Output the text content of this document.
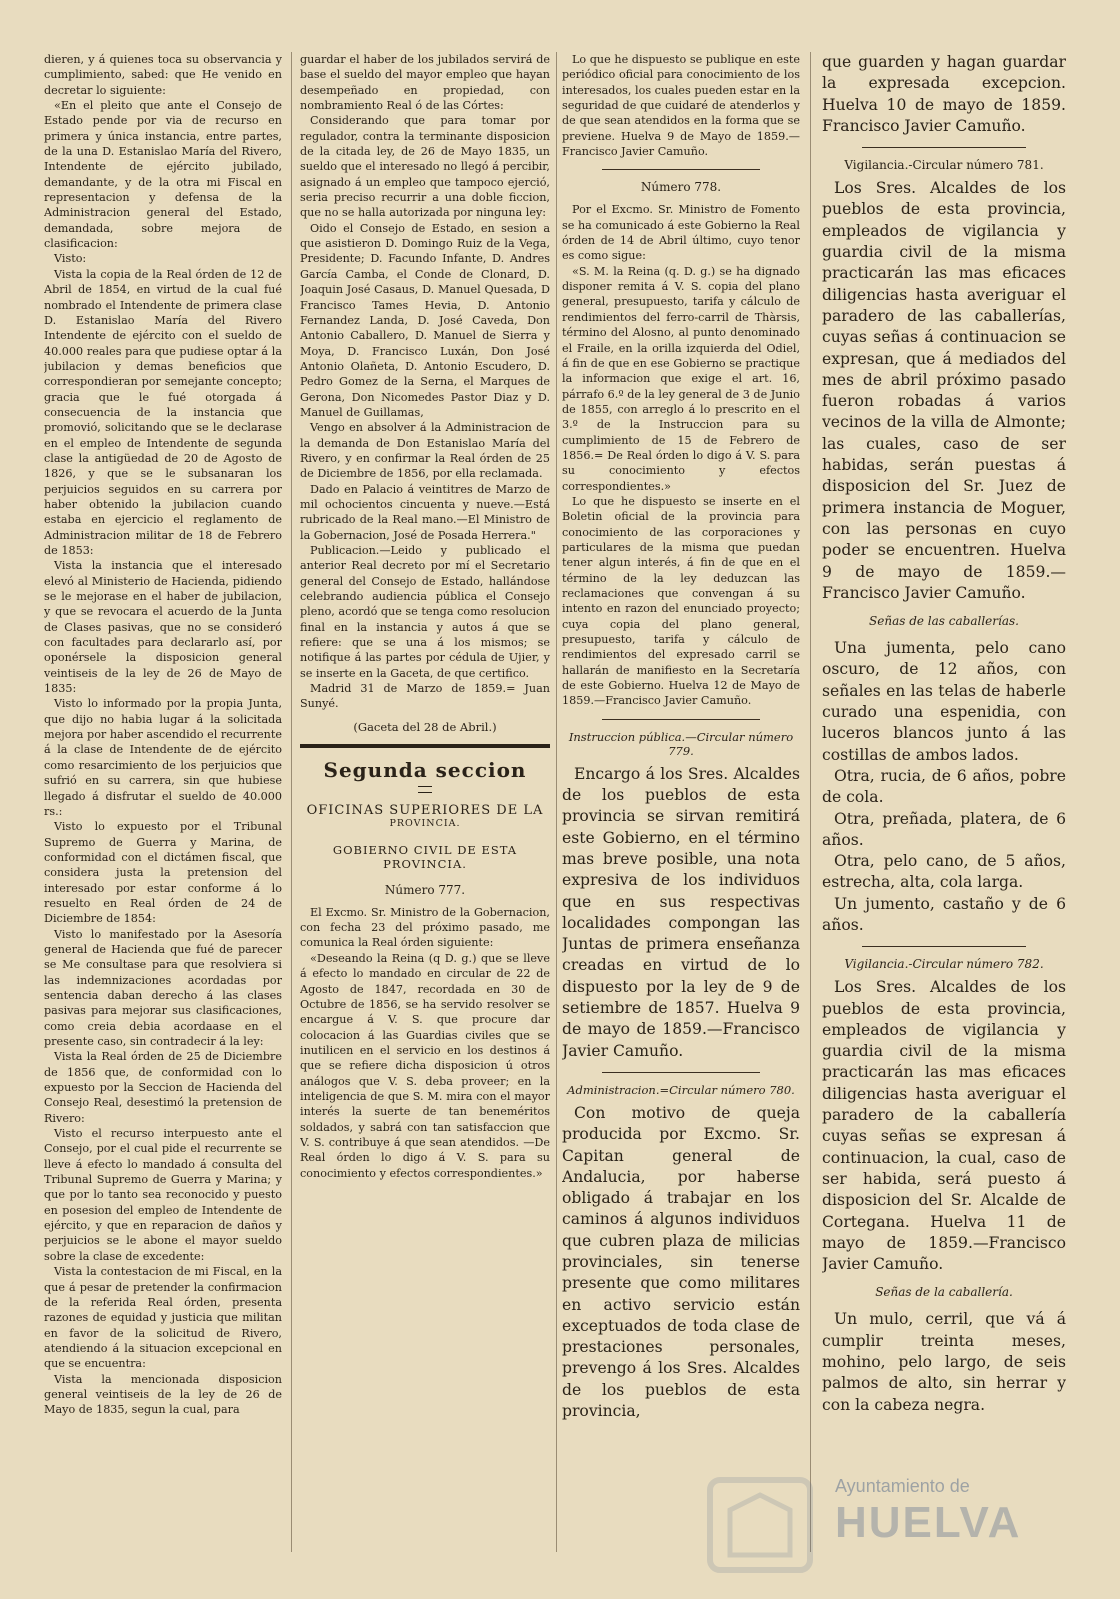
dieren, y á quienes toca su observancia y cumplimiento, sabed: que He venido en decretar lo siguiente:

«En el pleito que ante el Consejo de Estado pende por via de recurso en primera y única instancia, entre partes, de la una D. Estanislao María del Rivero, Intendente de ejército jubilado, demandante, y de la otra mi Fiscal en representacion y defensa de la Administracion general del Estado, demandada, sobre mejora de clasificacion:

Visto:

Vista la copia de la Real órden de 12 de Abril de 1854, en virtud de la cual fué nombrado el Intendente de primera clase D. Estanislao María del Rivero Intendente de ejército con el sueldo de 40.000 reales para que pudiese optar á la jubilacion y demas beneficios que correspondieran por semejante concepto; gracia que le fué otorgada á consecuencia de la instancia que promovió, solicitando que se le declarase en el empleo de Intendente de segunda clase la antigüedad de 20 de Agosto de 1826, y que se le subsanaran los perjuicios seguidos en su carrera por haber obtenido la jubilacion cuando estaba en ejercicio el reglamento de Administracion militar de 18 de Febrero de 1853:

Vista la instancia que el interesado elevó al Ministerio de Hacienda, pidiendo se le mejorase en el haber de jubilacion, y que se revocara el acuerdo de la Junta de Clases pasivas, que no se consideró con facultades para declararlo así, por oponérsele la disposicion general veintiseis de la ley de 26 de Mayo de 1835:

Visto lo informado por la propia Junta, que dijo no habia lugar á la solicitada mejora por haber ascendido el recurrente á la clase de Intendente de de ejército como resarcimiento de los perjuicios que sufrió en su carrera, sin que hubiese llegado á disfrutar el sueldo de 40.000 rs.:

Visto lo expuesto por el Tribunal Supremo de Guerra y Marina, de conformidad con el dictámen fiscal, que considera justa la pretension del interesado por estar conforme á lo resuelto en Real órden de 24 de Diciembre de 1854:

Visto lo manifestado por la Asesoría general de Hacienda que fué de parecer se Me consultase para que resolviera si las indemnizaciones acordadas por sentencia daban derecho á las clases pasivas para mejorar sus clasificaciones, como creia debia acordaase en el presente caso, sin contradecir á la ley:

Vista la Real órden de 25 de Diciembre de 1856 que, de conformidad con lo expuesto por la Seccion de Hacienda del Consejo Real, desestimó la pretension de Rivero:

Visto el recurso interpuesto ante el Consejo, por el cual pide el recurrente se lleve á efecto lo mandado á consulta del Tribunal Supremo de Guerra y Marina; y que por lo tanto sea reconocido y puesto en posesion del empleo de Intendente de ejército, y que en reparacion de daños y perjuicios se le abone el mayor sueldo sobre la clase de excedente:

Vista la contestacion de mi Fiscal, en la que á pesar de pretender la confirmacion de la referida Real órden, presenta razones de equidad y justicia que militan en favor de la solicitud de Rivero, atendiendo á la situacion excepcional en que se encuentra:

Vista la mencionada disposicion general veintiseis de la ley de 26 de Mayo de 1835, segun la cual, para

guardar el haber de los jubilados servirá de base el sueldo del mayor empleo que hayan desempeñado en propiedad, con nombramiento Real ó de las Córtes:

Considerando que para tomar por regulador, contra la terminante disposicion de la citada ley, de 26 de Mayo 1835, un sueldo que el interesado no llegó á percibir, asignado á un empleo que tampoco ejerció, seria preciso recurrir a una doble ficcion, que no se halla autorizada por ninguna ley:

Oido el Consejo de Estado, en sesion a que asistieron D. Domingo Ruiz de la Vega, Presidente; D. Facundo Infante, D. Andres García Camba, el Conde de Clonard, D. Joaquin José Casaus, D. Manuel Quesada, D Francisco Tames Hevia, D. Antonio Fernandez Landa, D. José Caveda, Don Antonio Caballero, D. Manuel de Sierra y Moya, D. Francisco Luxán, Don José Antonio Olañeta, D. Antonio Escudero, D. Pedro Gomez de la Serna, el Marques de Gerona, Don Nicomedes Pastor Diaz y D. Manuel de Guillamas,

Vengo en absolver á la Administracion de la demanda de Don Estanislao María del Rivero, y en confirmar la Real órden de 25 de Diciembre de 1856, por ella reclamada.

Dado en Palacio á veintitres de Marzo de mil ochocientos cincuenta y nueve.—Está rubricado de la Real mano.—El Ministro de la Gobernacion, José de Posada Herrera."

Publicacion.—Leido y publicado el anterior Real decreto por mí el Secretario general del Consejo de Estado, hallándose celebrando audiencia pública el Consejo pleno, acordó que se tenga como resolucion final en la instancia y autos á que se refiere: que se una á los mismos; se notifique á las partes por cédula de Ujier, y se inserte en la Gaceta, de que certifico.

Madrid 31 de Marzo de 1859.= Juan Sunyé.

(Gaceta del 28 de Abril.)
Segunda seccion
OFICINAS SUPERIORES DE LA
PROVINCIA.
GOBIERNO CIVIL DE ESTA PROVINCIA.
Número 777.

El Excmo. Sr. Ministro de la Gobernacion, con fecha 23 del próximo pasado, me comunica la Real órden siguiente:

«Deseando la Reina (q D. g.) que se lleve á efecto lo mandado en circular de 22 de Agosto de 1847, recordada en 30 de Octubre de 1856, se ha servido resolver se encargue á V. S. que procure dar colocacion á las Guardias civiles que se inutilicen en el servicio en los destinos á que se refiere dicha disposicion ú otros análogos que V. S. deba proveer; en la inteligencia de que S. M. mira con el mayor interés la suerte de tan beneméritos soldados, y sabrá con tan satisfaccion que V. S. contribuye á que sean atendidos. —De Real órden lo digo á V. S. para su conocimiento y efectos correspondientes.»

Lo que he dispuesto se publique en este periódico oficial para conocimiento de los interesados, los cuales pueden estar en la seguridad de que cuidaré de atenderlos y de que sean atendidos en la forma que se previene. Huelva 9 de Mayo de 1859.—Francisco Javier Camuño.

Número 778.

Por el Excmo. Sr. Ministro de Fomento se ha comunicado á este Gobierno la Real órden de 14 de Abril último, cuyo tenor es como sigue:

«S. M. la Reina (q. D. g.) se ha dignado disponer remita á V. S. copia del plano general, presupuesto, tarifa y cálculo de rendimientos del ferro-carril de Thàrsis, término del Alosno, al punto denominado el Fraile, en la orilla izquierda del Odiel, á fin de que en ese Gobierno se practique la informacion que exige el art. 16, párrafo 6.º de la ley general de 3 de Junio de 1855, con arreglo á lo prescrito en el 3.º de la Instruccion para su cumplimiento de 15 de Febrero de 1856.= De Real órden lo digo á V. S. para su conocimiento y efectos correspondientes.»

Lo que he dispuesto se inserte en el Boletin oficial de la provincia para conocimiento de las corporaciones y particulares de la misma que puedan tener algun interés, á fin de que en el término de la ley deduzcan las reclamaciones que convengan á su intento en razon del enunciado proyecto; cuya copia del plano general, presupuesto, tarifa y cálculo de rendimientos del expresado carril se hallarán de manifiesto en la Secretaría de este Gobierno. Huelva 12 de Mayo de 1859.—Francisco Javier Camuño.

Instruccion pública.—Circular número 779.

Encargo á los Sres. Alcaldes de los pueblos de esta provincia se sirvan remitirá este Gobierno, en el término mas breve posible, una nota expresiva de los individuos que en sus respectivas localidades compongan las Juntas de primera enseñanza creadas en virtud de lo dispuesto por la ley de 9 de setiembre de 1857. Huelva 9 de mayo de 1859.—Francisco Javier Camuño.

Administracion.=Circular número 780.

Con motivo de queja producida por Excmo. Sr. Capitan general de Andalucia, por haberse obligado á trabajar en los caminos á algunos individuos que cubren plaza de milicias provinciales, sin tenerse presente que como militares en activo servicio están exceptuados de toda clase de prestaciones personales, prevengo á los Sres. Alcaldes de los pueblos de esta provincia,

que guarden y hagan guardar la expresada excepcion. Huelva 10 de mayo de 1859. Francisco Javier Camuño.

Vigilancia.-Circular número 781.

Los Sres. Alcaldes de los pueblos de esta provincia, empleados de vigilancia y guardia civil de la misma practicarán las mas eficaces diligencias hasta averiguar el paradero de las caballerías, cuyas señas á continuacion se expresan, que á mediados del mes de abril próximo pasado fueron robadas á varios vecinos de la villa de Almonte; las cuales, caso de ser habidas, serán puestas á disposicion del Sr. Juez de primera instancia de Moguer, con las personas en cuyo poder se encuentren. Huelva 9 de mayo de 1859.—Francisco Javier Camuño.

Señas de las caballerías.

Una jumenta, pelo cano oscuro, de 12 años, con señales en las telas de haberle curado una espenidia, con luceros blancos junto á las costillas de ambos lados.

Otra, rucia, de 6 años, pobre de cola.

Otra, preñada, platera, de 6 años.

Otra, pelo cano, de 5 años, estrecha, alta, cola larga.

Un jumento, castaño y de 6 años.

Vigilancia.-Circular número 782.

Los Sres. Alcaldes de los pueblos de esta provincia, empleados de vigilancia y guardia civil de la misma practicarán las mas eficaces diligencias hasta averiguar el paradero de la caballería cuyas señas se expresan á continuacion, la cual, caso de ser habida, será puesto á disposicion del Sr. Alcalde de Cortegana. Huelva 11 de mayo de 1859.—Francisco Javier Camuño.

Señas de la caballería.

Un mulo, cerril, que vá á cumplir treinta meses, mohino, pelo largo, de seis palmos de alto, sin herrar y con la cabeza negra.

Ayuntamiento de
HUELVA
